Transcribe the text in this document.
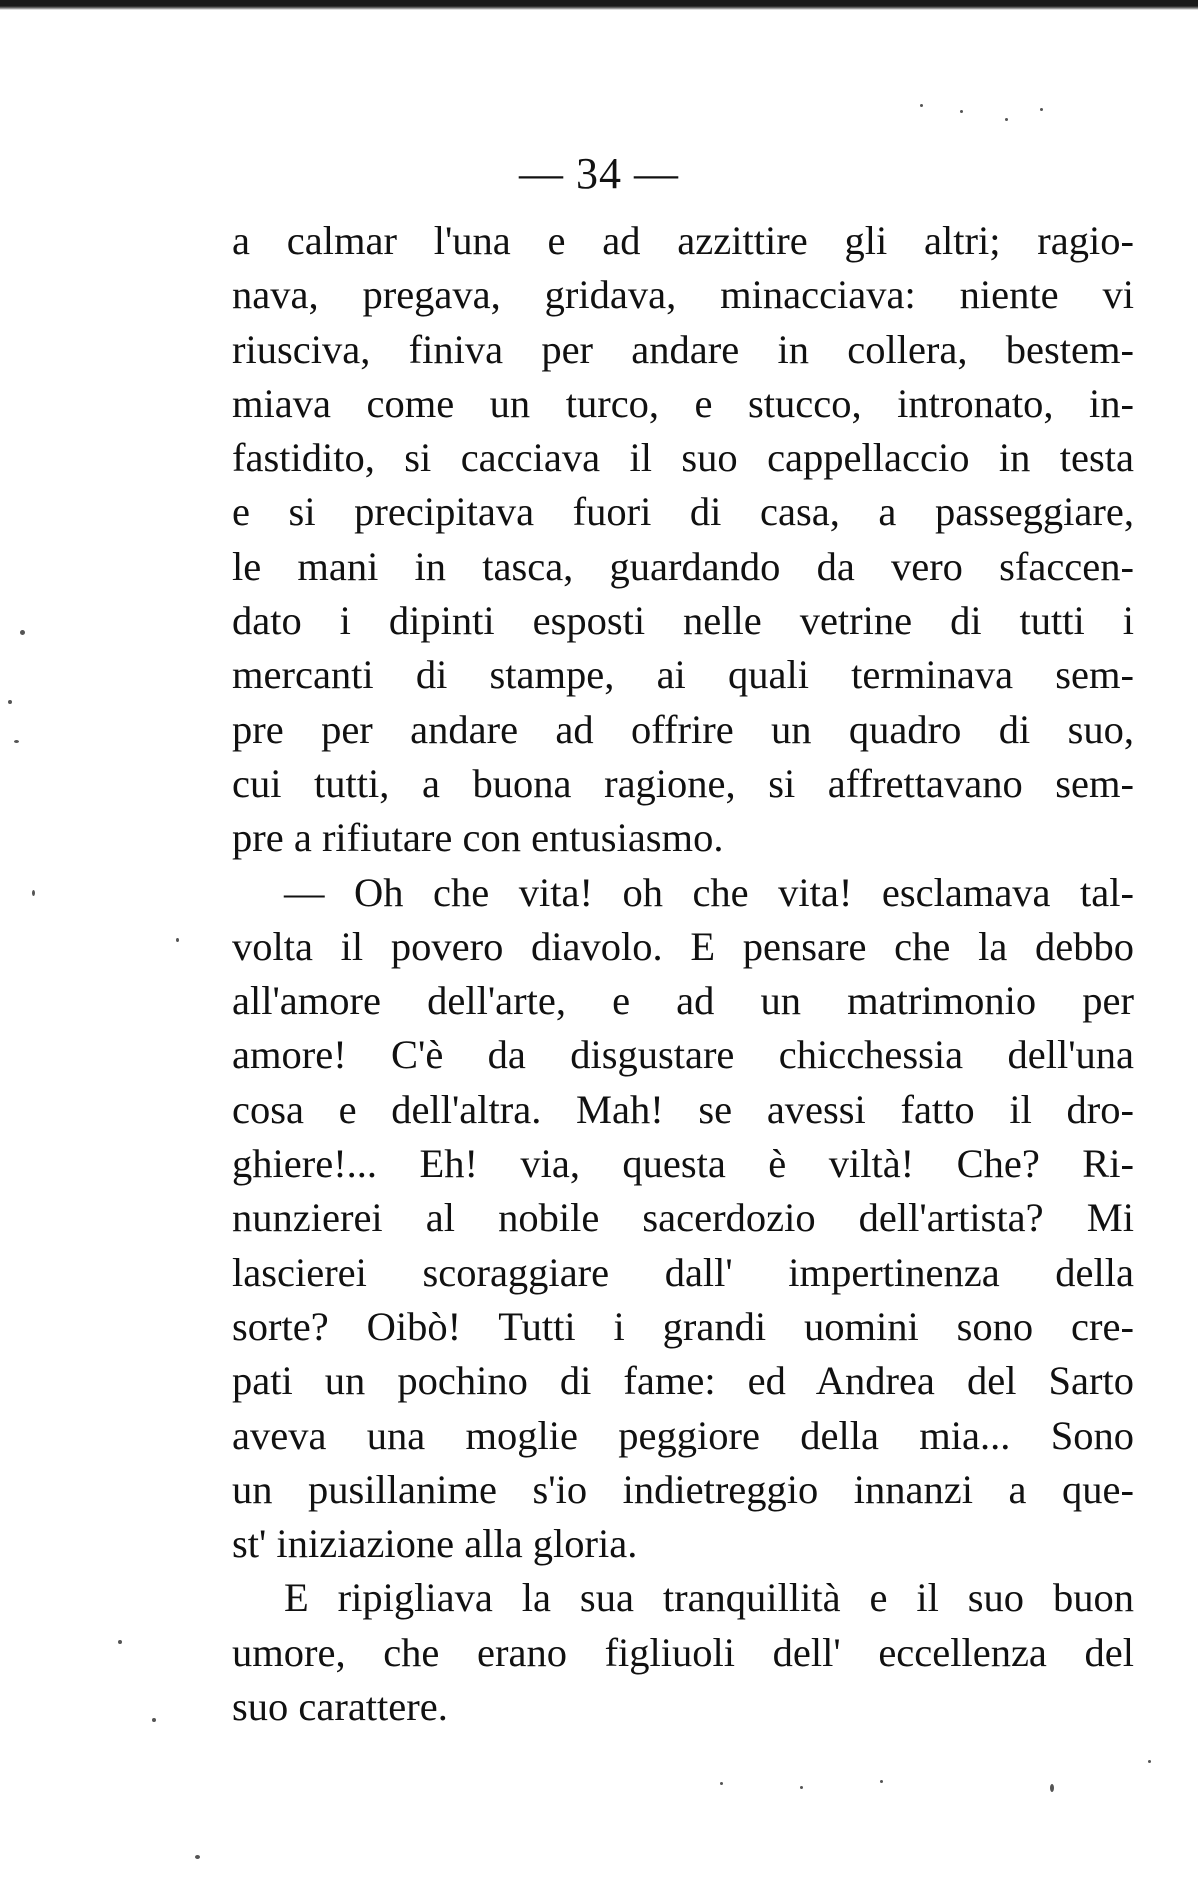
— 34 —
a calmar l'una e ad azzittire gli altri; ragio-
nava, pregava, gridava, minacciava: niente vi
riusciva, finiva per andare in collera, bestem-
miava come un turco, e stucco, intronato, in-
fastidito, si cacciava il suo cappellaccio in testa
e si precipitava fuori di casa, a passeggiare,
le mani in tasca, guardando da vero sfaccen-
dato i dipinti esposti nelle vetrine di tutti i
mercanti di stampe, ai quali terminava sem-
pre per andare ad offrire un quadro di suo,
cui tutti, a buona ragione, si affrettavano sem-
pre a rifiutare con entusiasmo.
— Oh che vita! oh che vita! esclamava tal-
volta il povero diavolo. E pensare che la debbo
all'amore dell'arte, e ad un matrimonio per
amore! C'è da disgustare chicchessia dell'una
cosa e dell'altra. Mah! se avessi fatto il dro-
ghiere!... Eh! via, questa è viltà! Che? Ri-
nunzierei al nobile sacerdozio dell'artista? Mi
lascierei scoraggiare dall' impertinenza della
sorte? Oibò! Tutti i grandi uomini sono cre-
pati un pochino di fame: ed Andrea del Sarto
aveva una moglie peggiore della mia... Sono
un pusillanime s'io indietreggio innanzi a que-
st' iniziazione alla gloria.
E ripigliava la sua tranquillità e il suo buon
umore, che erano figliuoli dell' eccellenza del
suo carattere.
